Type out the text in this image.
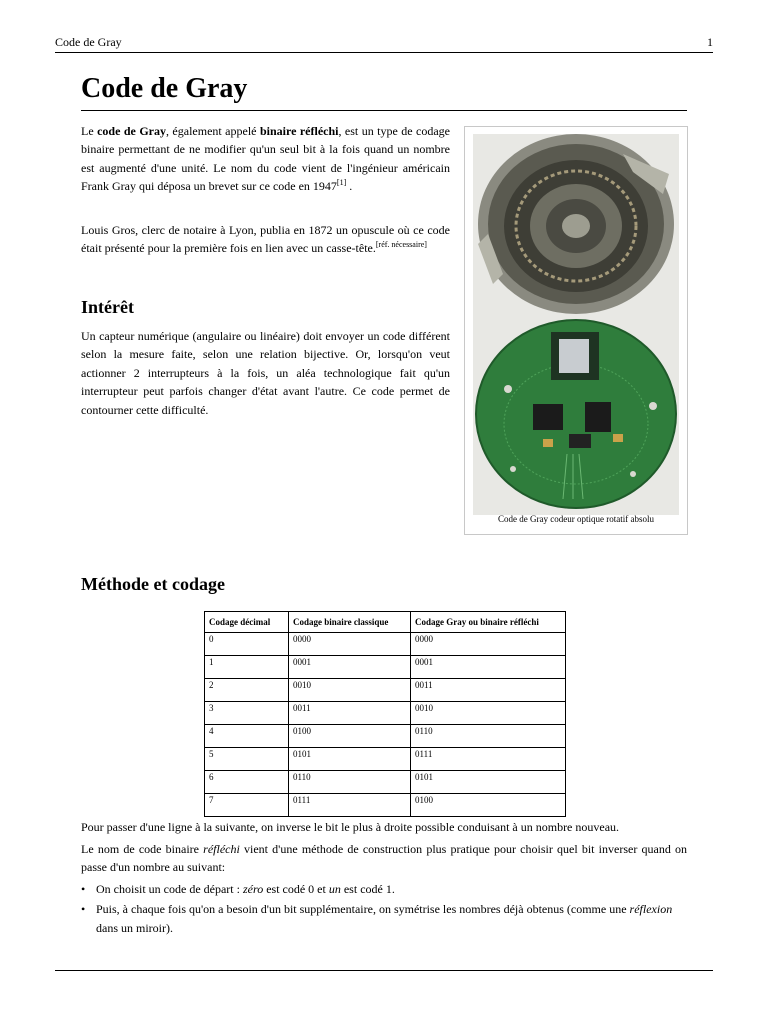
Code de Gray	1
Code de Gray

Le code de Gray, également appelé binaire réfléchi, est un type de codage binaire permettant de ne modifier qu'un seul bit à la fois quand un nombre est augmenté d'une unité. Le nom du code vient de l'ingénieur américain Frank Gray qui déposa un brevet sur ce code en 1947[1] .

Louis Gros, clerc de notaire à Lyon, publia en 1872 un opuscule où ce code était présenté pour la première fois en lien avec un casse-tête.[réf. nécessaire]

Intérêt

Un capteur numérique (angulaire ou linéaire) doit envoyer un code différent selon la mesure faite, selon une relation bijective. Or, lorsqu'on veut actionner 2 interrupteurs à la fois, un aléa technologique fait qu'un interrupteur peut parfois changer d'état avant l'autre. Ce code permet de contourner cette difficulté.

Code de Gray codeur optique rotatif absolu
Méthode et codage
Codage décimal	Codage binaire classique	Codage Gray ou binaire réfléchi
0	0000	0000
1	0001	0001
2	0010	0011
3	0011	0010
4	0100	0110
5	0101	0111
6	0110	0101
7	0111	0100

Pour passer d'une ligne à la suivante, on inverse le bit le plus à droite possible conduisant à un nombre nouveau.

Le nom de code binaire réfléchi vient d'une méthode de construction plus pratique pour choisir quel bit inverser quand on passe d'un nombre au suivant:

• On choisit un code de départ : zéro est codé 0 et un est codé 1.
• Puis, à chaque fois qu'on a besoin d'un bit supplémentaire, on symétrise les nombres déjà obtenus (comme une réflexion dans un miroir).
